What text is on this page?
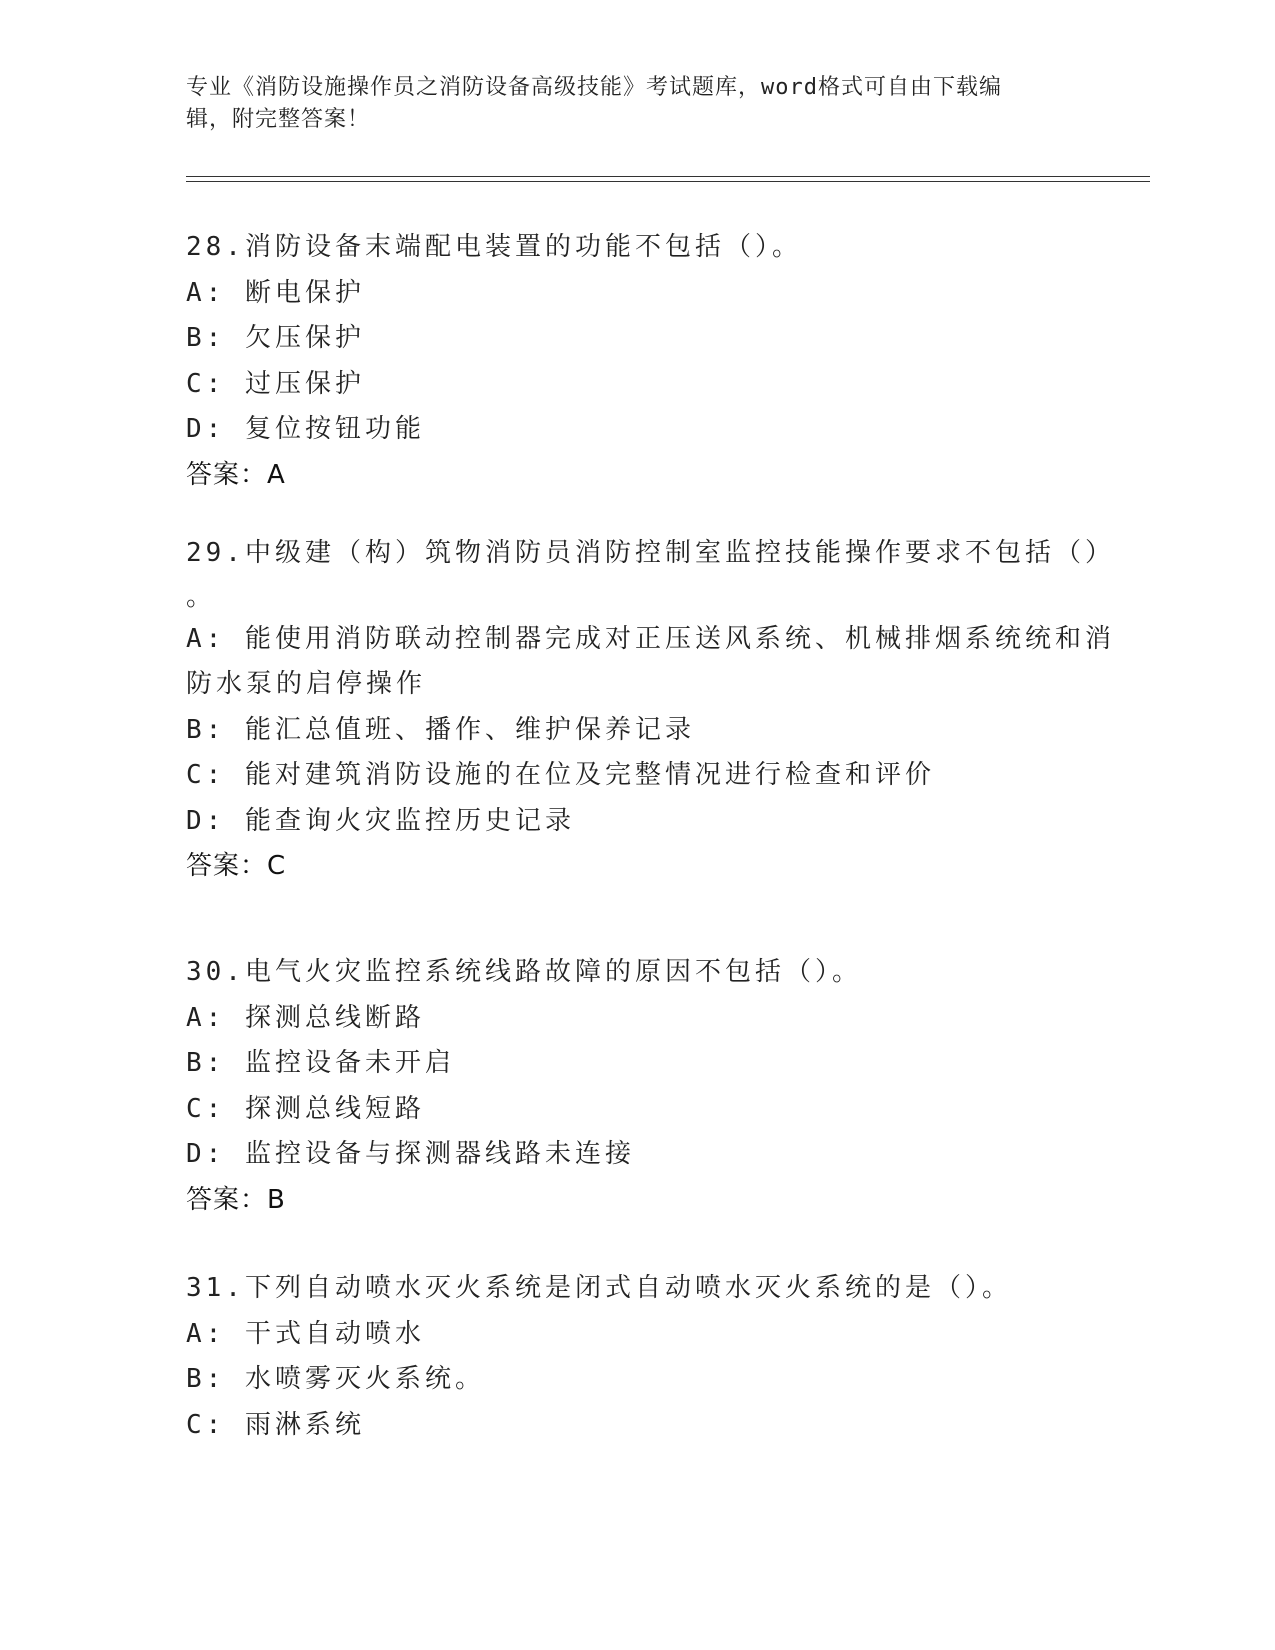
专业《消防设施操作员之消防设备高级技能》考试题库，word格式可自由下载编
辑，附完整答案！
28.消防设备末端配电装置的功能不包括（）。
A: 断电保护
B: 欠压保护
C: 过压保护
D: 复位按钮功能
答案：A
29.中级建（构）筑物消防员消防控制室监控技能操作要求不包括（）
。
A: 能使用消防联动控制器完成对正压送风系统、机械排烟系统统和消
防水泵的启停操作
B: 能汇总值班、播作、维护保养记录
C: 能对建筑消防设施的在位及完整情况进行检查和评价
D: 能查询火灾监控历史记录
答案：C
30.电气火灾监控系统线路故障的原因不包括（）。
A: 探测总线断路
B: 监控设备未开启
C: 探测总线短路
D: 监控设备与探测器线路未连接
答案：B
31.下列自动喷水灭火系统是闭式自动喷水灭火系统的是（）。
A: 干式自动喷水
B: 水喷雾灭火系统。
C: 雨淋系统
